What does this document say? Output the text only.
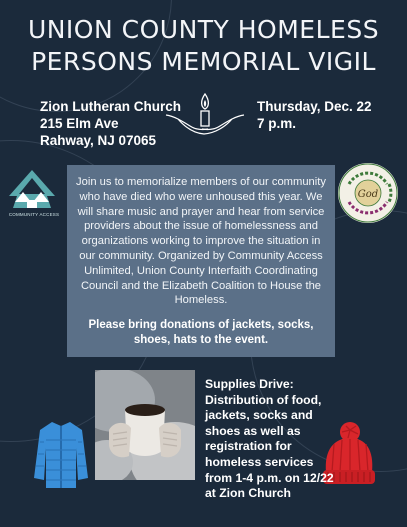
UNION COUNTY HOMELESS
PERSONS MEMORIAL VIGIL
Zion Lutheran Church
215 Elm Ave
Rahway, NJ 07065
Thursday, Dec. 22
7 p.m.
COMMUNITY ACCESS
God
Join us to memorialize members of our community who have died who were unhoused this year. We will share music and prayer and hear from service providers about the issue of homelessness and organizations working to improve the situation in our community. Organized by Community Access Unlimited, Union County Interfaith Coordinating Council and the Elizabeth Coalition to House the Homeless.
Please bring donations of jackets, socks, shoes, hats to the event.
Supplies Drive: Distribution of food, jackets, socks and shoes as well as registration for homeless services from 1-4 p.m. on 12/22 at Zion Church
